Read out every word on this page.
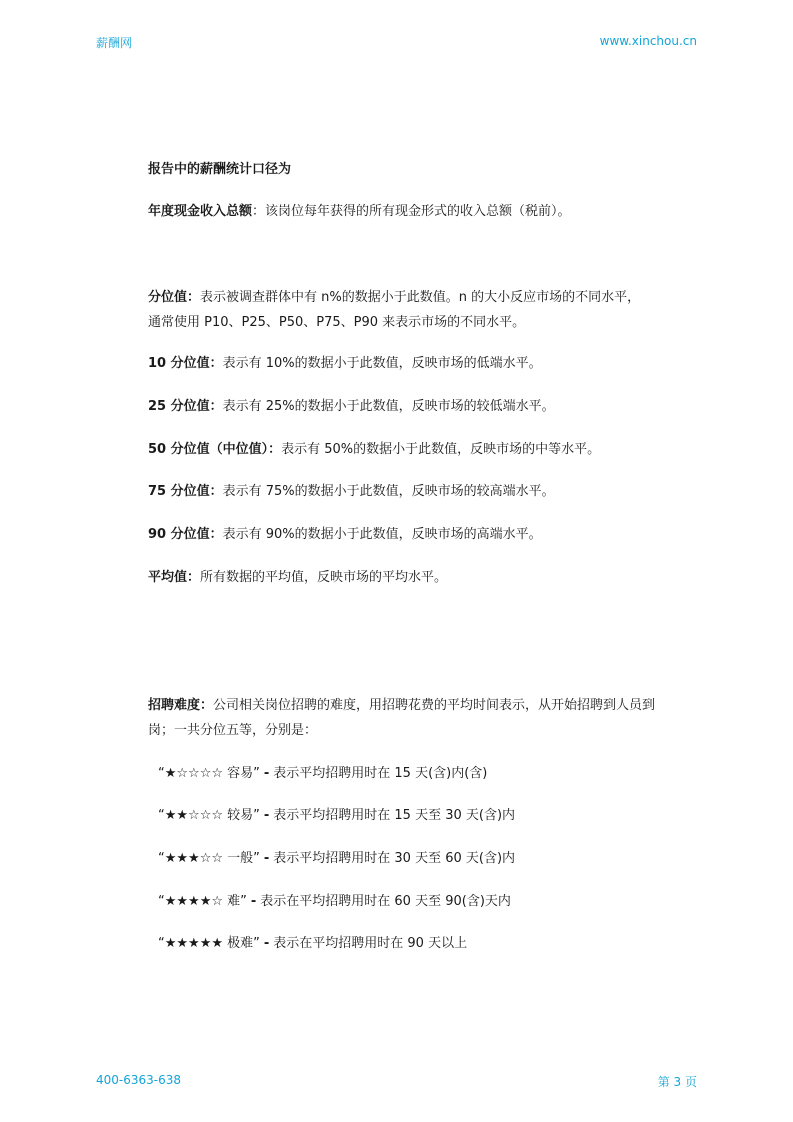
薪酬网	www.xinchou.cn
报告中的薪酬统计口径为
年度现金收入总额：该岗位每年获得的所有现金形式的收入总额（税前）。
分位值：表示被调查群体中有 n%的数据小于此数值。n 的大小反应市场的不同水平，
通常使用 P10、P25、P50、P75、P90 来表示市场的不同水平。
10 分位值：表示有 10%的数据小于此数值，反映市场的低端水平。
25 分位值：表示有 25%的数据小于此数值，反映市场的较低端水平。
50 分位值（中位值）：表示有 50%的数据小于此数值，反映市场的中等水平。
75 分位值：表示有 75%的数据小于此数值，反映市场的较高端水平。
90 分位值：表示有 90%的数据小于此数值，反映市场的高端水平。
平均值：所有数据的平均值，反映市场的平均水平。
招聘难度：公司相关岗位招聘的难度，用招聘花费的平均时间表示，从开始招聘到人员到
岗；一共分位五等，分别是：
“★☆☆☆☆ 容易” - 表示平均招聘用时在 15 天(含)内(含)
“★★☆☆☆ 较易” - 表示平均招聘用时在 15 天至 30 天(含)内
“★★★☆☆ 一般” - 表示平均招聘用时在 30 天至 60 天(含)内
“★★★★☆ 难” - 表示在平均招聘用时在 60 天至 90(含)天内
“★★★★★ 极难” - 表示在平均招聘用时在 90 天以上
400-6363-638	第 3 页
